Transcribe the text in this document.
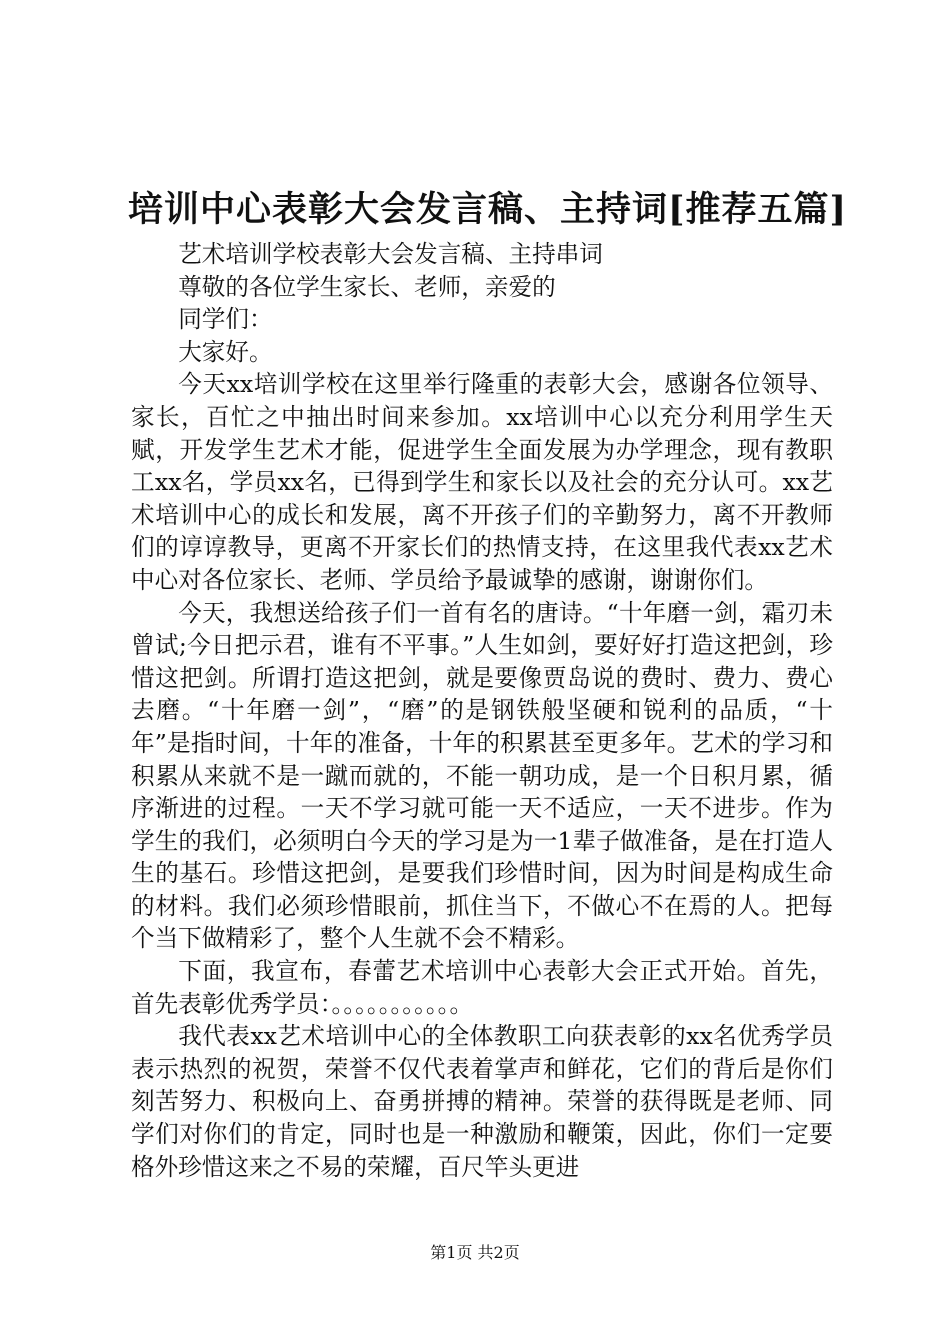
培训中心表彰大会发言稿、主持词[推荐五篇]

艺术培训学校表彰大会发言稿、主持串词

尊敬的各位学生家长、老师，亲爱的

同学们：

大家好。

今天xx培训学校在这里举行隆重的表彰大会，感谢各位领导、家长，百忙之中抽出时间来参加。xx培训中心以充分利用学生天赋，开发学生艺术才能，促进学生全面发展为办学理念，现有教职工xx名，学员xx名，已得到学生和家长以及社会的充分认可。xx艺术培训中心的成长和发展，离不开孩子们的辛勤努力，离不开教师们的谆谆教导，更离不开家长们的热情支持，在这里我代表xx艺术中心对各位家长、老师、学员给予最诚挚的感谢，谢谢你们。

今天，我想送给孩子们一首有名的唐诗。“十年磨一剑，霜刃未曾试;今日把示君，谁有不平事。”人生如剑，要好好打造这把剑，珍惜这把剑。所谓打造这把剑，就是要像贾岛说的费时、费力、费心去磨。“十年磨一剑”，“磨”的是钢铁般坚硬和锐利的品质，“十年”是指时间，十年的准备，十年的积累甚至更多年。艺术的学习和积累从来就不是一蹴而就的，不能一朝功成，是一个日积月累，循序渐进的过程。一天不学习就可能一天不适应，一天不进步。作为学生的我们，必须明白今天的学习是为一1辈子做准备，是在打造人生的基石。珍惜这把剑，是要我们珍惜时间，因为时间是构成生命的材料。我们必须珍惜眼前，抓住当下，不做心不在焉的人。把每个当下做精彩了，整个人生就不会不精彩。

下面，我宣布，春蕾艺术培训中心表彰大会正式开始。首先，首先表彰优秀学员：。。。。。。。。。。。

我代表xx艺术培训中心的全体教职工向获表彰的xx名优秀学员表示热烈的祝贺，荣誉不仅代表着掌声和鲜花，它们的背后是你们刻苦努力、积极向上、奋勇拼搏的精神。荣誉的获得既是老师、同学们对你们的肯定，同时也是一种激励和鞭策，因此，你们一定要格外珍惜这来之不易的荣耀，百尺竿头更进

第1页 共2页
